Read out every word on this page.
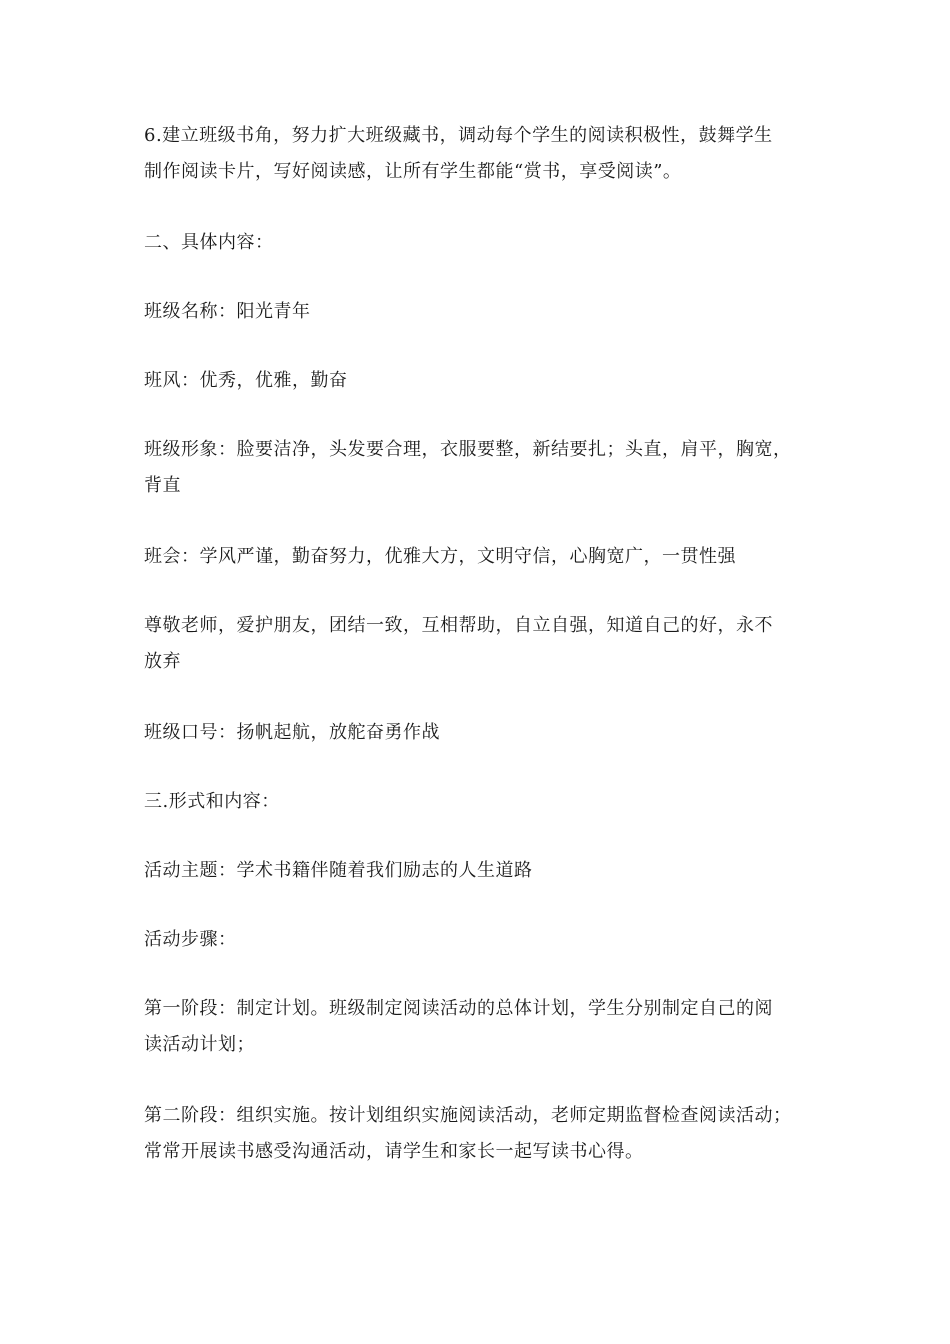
6.建立班级书角，努力扩大班级藏书，调动每个学生的阅读积极性，鼓舞学生
制作阅读卡片，写好阅读感，让所有学生都能“赏书，享受阅读”。

二、具体内容：

班级名称：阳光青年

班风：优秀，优雅，勤奋

班级形象：脸要洁净，头发要合理，衣服要整，新结要扎；头直，肩平，胸宽，
背直

班会：学风严谨，勤奋努力，优雅大方，文明守信，心胸宽广，一贯性强

尊敬老师，爱护朋友，团结一致，互相帮助，自立自强，知道自己的好，永不
放弃

班级口号：扬帆起航，放舵奋勇作战

三.形式和内容：

活动主题：学术书籍伴随着我们励志的人生道路

活动步骤：

第一阶段：制定计划。班级制定阅读活动的总体计划，学生分别制定自己的阅
读活动计划；

第二阶段：组织实施。按计划组织实施阅读活动，老师定期监督检查阅读活动；
常常开展读书感受沟通活动，请学生和家长一起写读书心得。
